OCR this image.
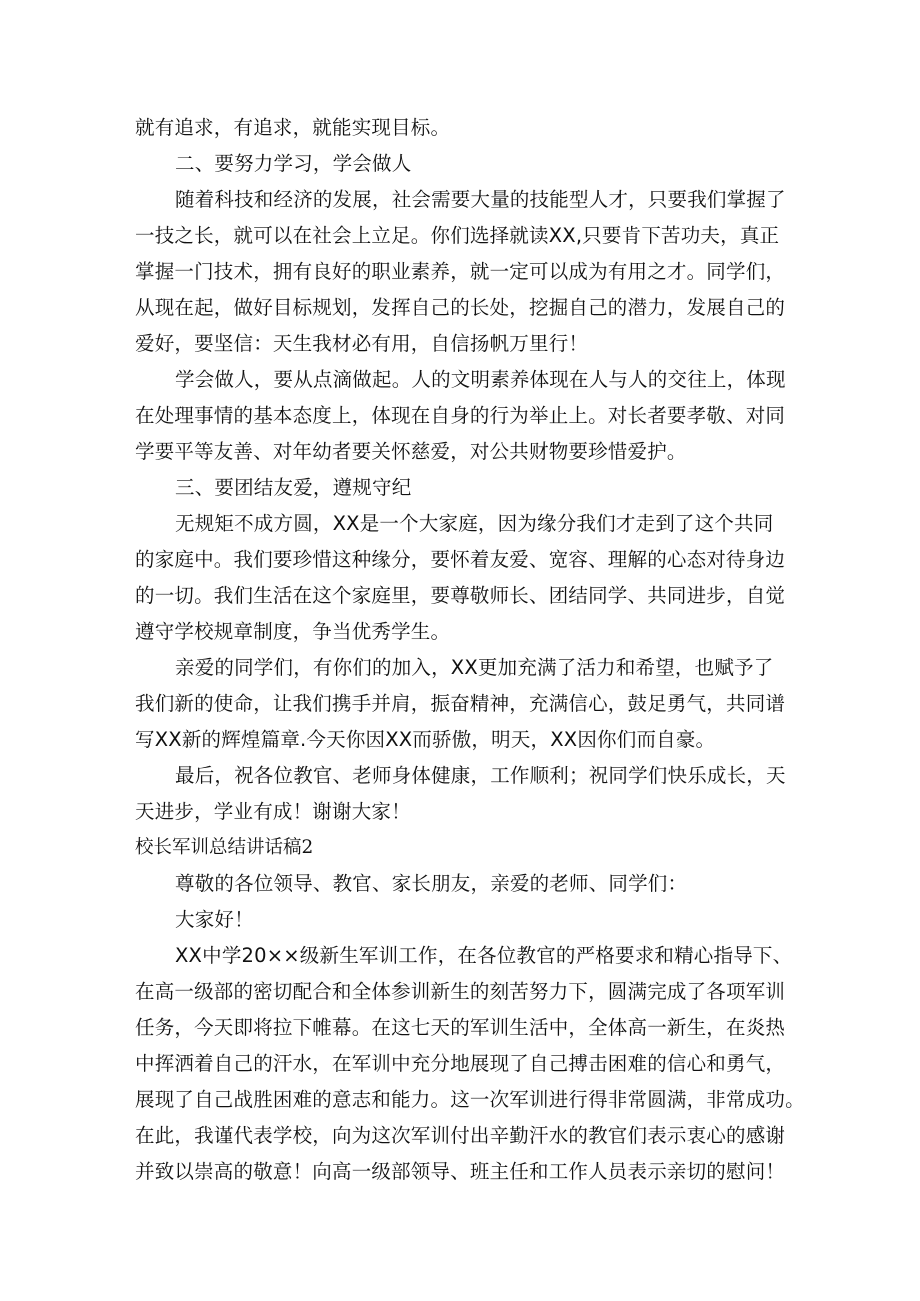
就有追求，有追求，就能实现目标。
二、要努力学习，学会做人
随着科技和经济的发展，社会需要大量的技能型人才，只要我们掌握了
一技之长，就可以在社会上立足。你们选择就读XX,只要肯下苦功夫，真正
掌握一门技术，拥有良好的职业素养，就一定可以成为有用之才。同学们，
从现在起，做好目标规划，发挥自己的长处，挖掘自己的潜力，发展自己的
爱好，要坚信：天生我材必有用，自信扬帆万里行！
学会做人，要从点滴做起。人的文明素养体现在人与人的交往上，体现
在处理事情的基本态度上，体现在自身的行为举止上。对长者要孝敬、对同
学要平等友善、对年幼者要关怀慈爱，对公共财物要珍惜爱护。
三、要团结友爱，遵规守纪
无规矩不成方圆，XX是一个大家庭，因为缘分我们才走到了这个共同
的家庭中。我们要珍惜这种缘分，要怀着友爱、宽容、理解的心态对待身边
的一切。我们生活在这个家庭里，要尊敬师长、团结同学、共同进步，自觉
遵守学校规章制度，争当优秀学生。
亲爱的同学们，有你们的加入，XX更加充满了活力和希望，也赋予了
我们新的使命，让我们携手并肩，振奋精神，充满信心，鼓足勇气，共同谱
写XX新的辉煌篇章.今天你因XX而骄傲，明天，XX因你们而自豪。
最后，祝各位教官、老师身体健康，工作顺利；祝同学们快乐成长，天
天进步，学业有成！谢谢大家！
校长军训总结讲话稿2
尊敬的各位领导、教官、家长朋友，亲爱的老师、同学们：
大家好！
XX中学20××级新生军训工作，在各位教官的严格要求和精心指导下、
在高一级部的密切配合和全体参训新生的刻苦努力下，圆满完成了各项军训
任务，今天即将拉下帷幕。在这七天的军训生活中，全体高一新生，在炎热
中挥洒着自己的汗水，在军训中充分地展现了自己搏击困难的信心和勇气，
展现了自己战胜困难的意志和能力。这一次军训进行得非常圆满，非常成功。
在此，我谨代表学校，向为这次军训付出辛勤汗水的教官们表示衷心的感谢
并致以崇高的敬意！向高一级部领导、班主任和工作人员表示亲切的慰问！
